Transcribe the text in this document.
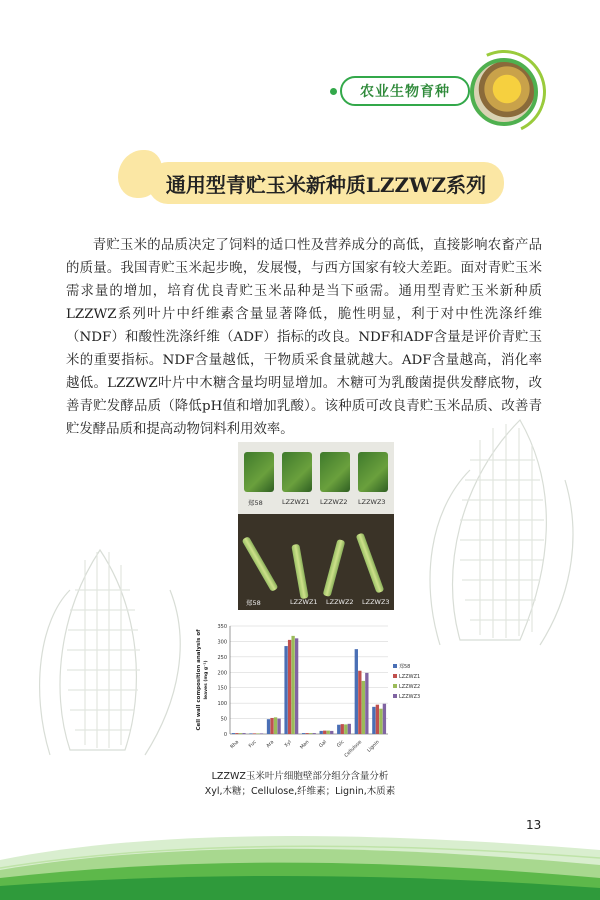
农业生物育种
通用型青贮玉米新种质LZZWZ系列
青贮玉米的品质决定了饲料的适口性及营养成分的高低，直接影响农畜产品的质量。我国青贮玉米起步晚，发展慢，与西方国家有较大差距。面对青贮玉米需求量的增加，培育优良青贮玉米品种是当下亟需。通用型青贮玉米新种质LZZWZ系列叶片中纤维素含量显著降低，脆性明显，利于对中性洗涤纤维（NDF）和酸性洗涤纤维（ADF）指标的改良。NDF和ADF含量是评价青贮玉米的重要指标。NDF含量越低，干物质采食量就越大。ADF含量越高，消化率越低。LZZWZ叶片中木糖含量均明显增加。木糖可为乳酸菌提供发酵底物，改善青贮发酵品质（降低pH值和增加乳酸）。该种质可改良青贮玉米品质、改善青贮发酵品质和提高动物饲料利用效率。
郑58	LZZWZ1 LZZWZ2 LZZWZ3
郑58	LZZWZ1 LZZWZ2 LZZWZ3
0
50
100
150
200
250
300
350
Rha Fuc Ara Xyl Man Gal Glc
Cellulose Lignin
Cell wall composition analysis of leaves (mg g⁻¹)	郑58
LZZWZ1
LZZWZ2
LZZWZ3
LZZWZ玉米叶片细胞壁部分组分含量分析
Xyl,木糖；Cellulose,纤维素；Lignin,木质素
13
